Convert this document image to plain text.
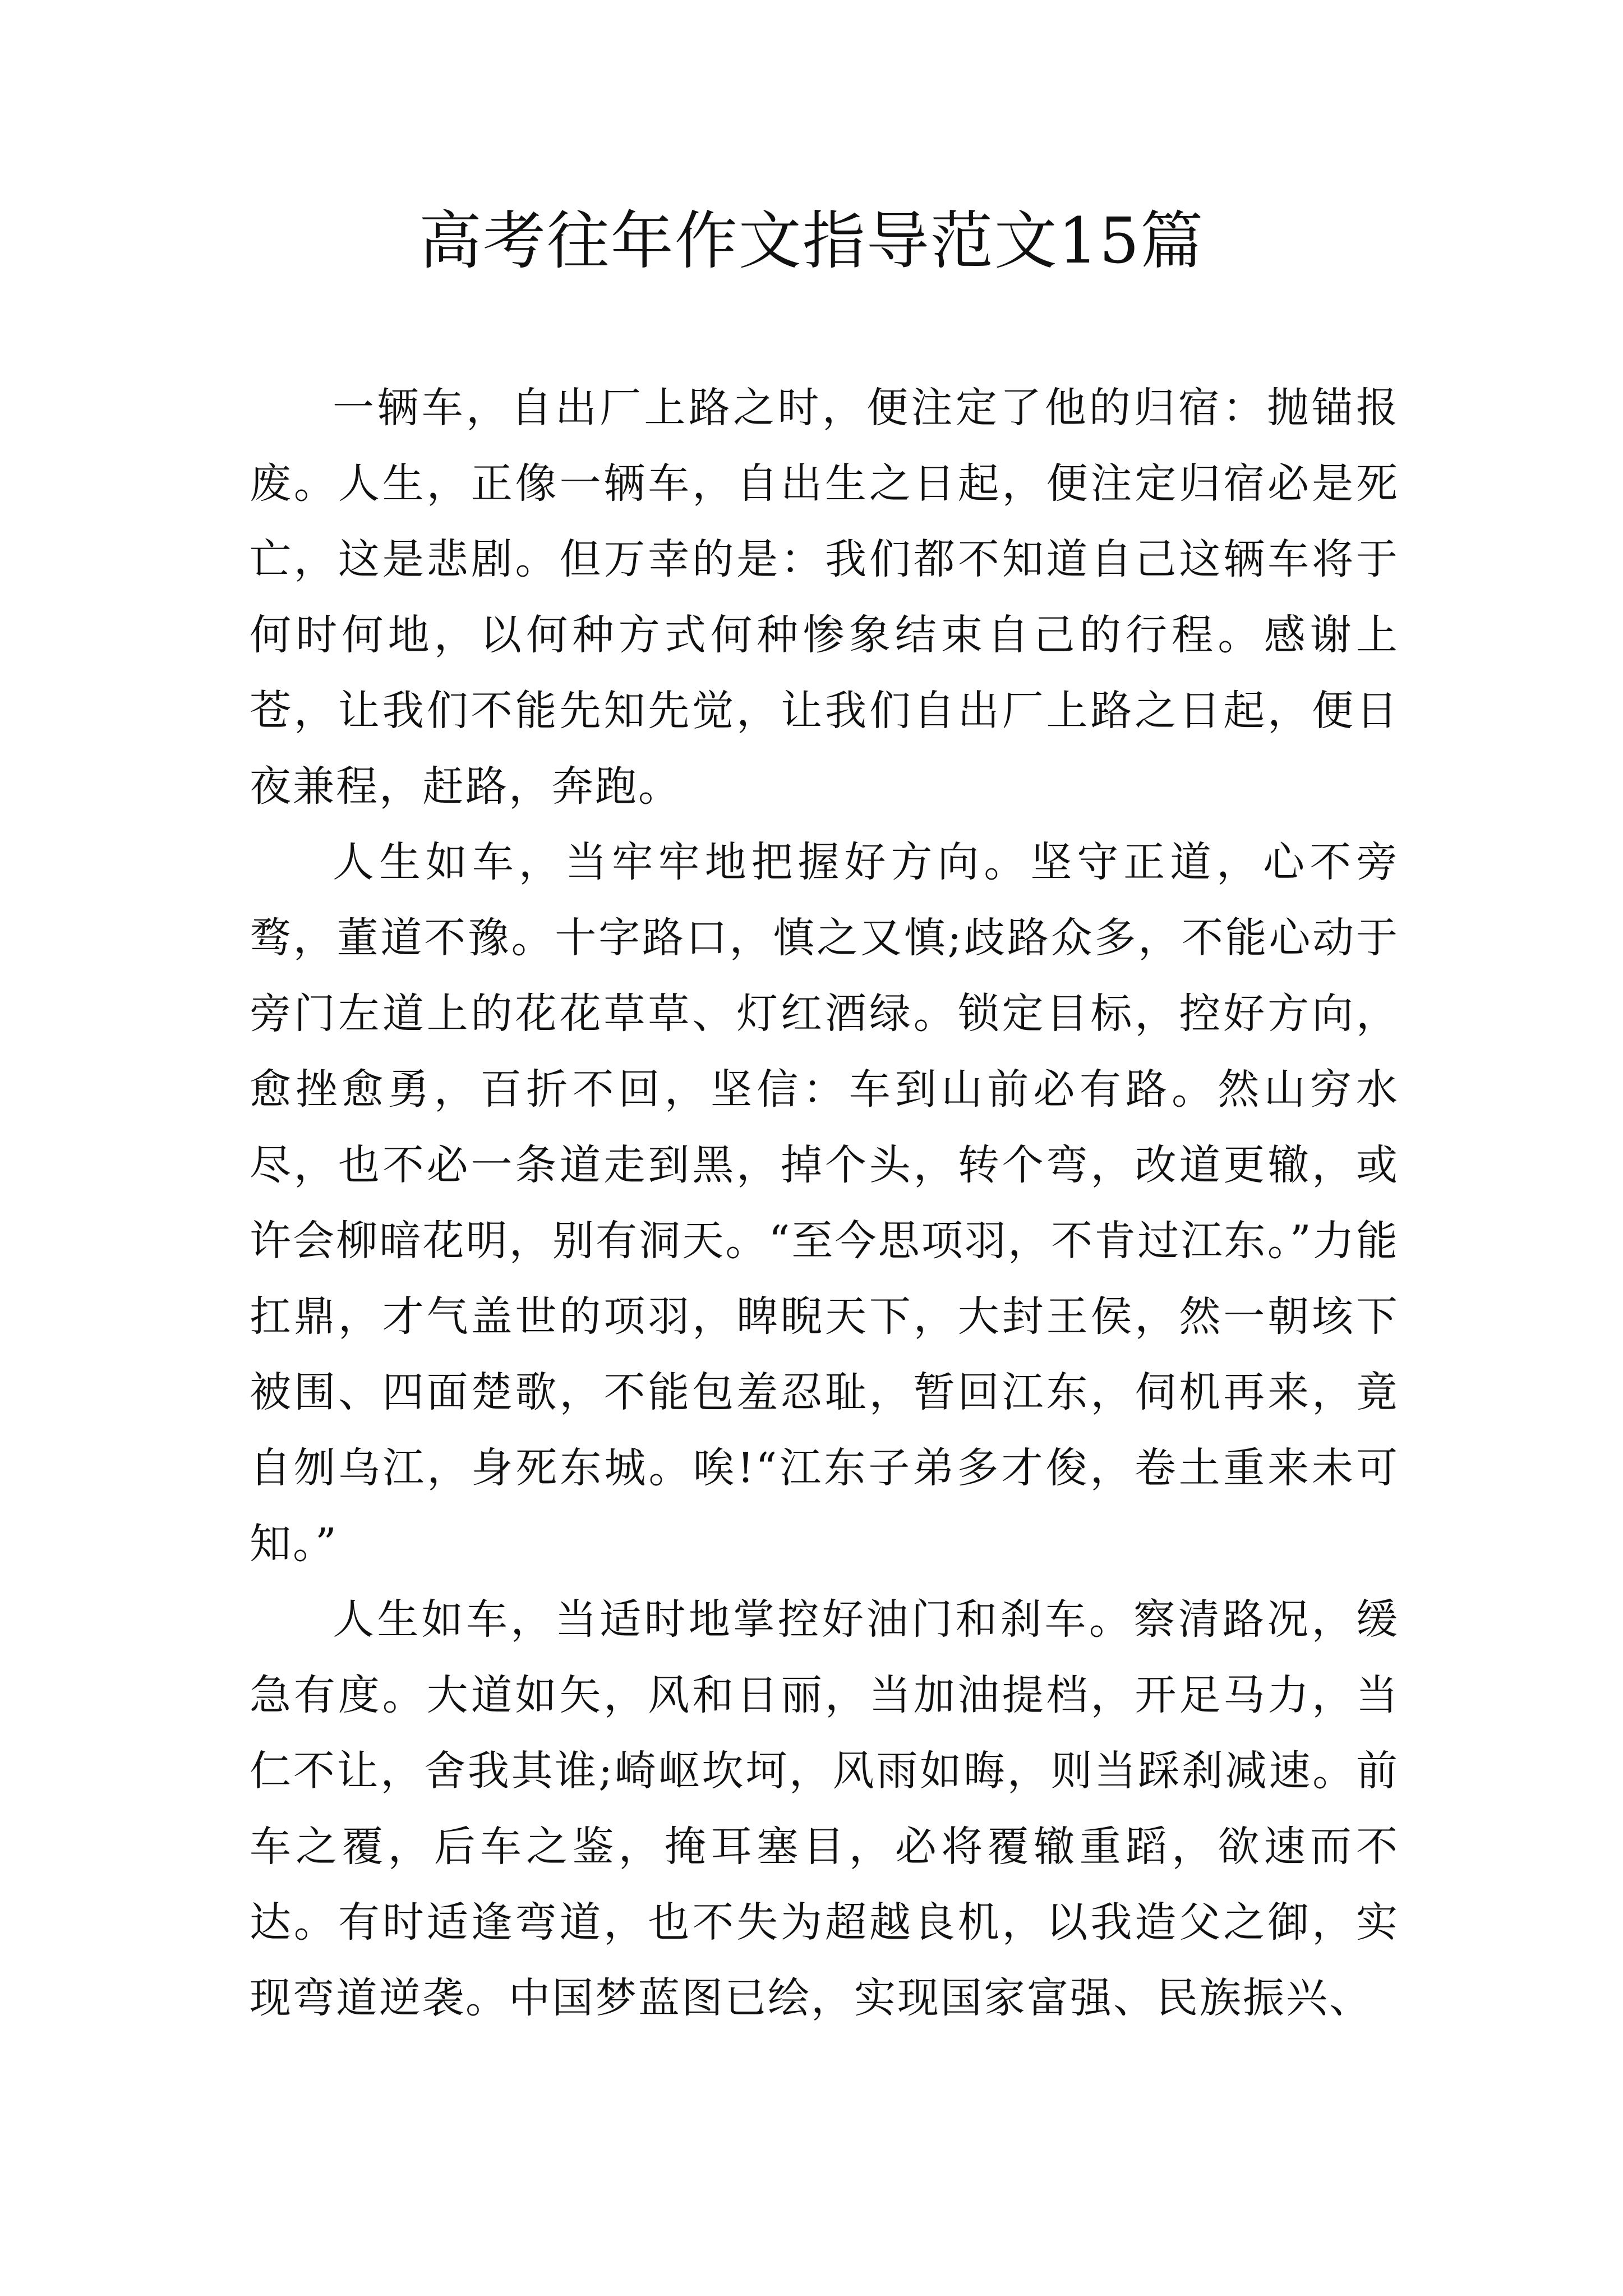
高考往年作文指导范文15篇

一辆车，自出厂上路之时，便注定了他的归宿：抛锚报废。人生，正像一辆车，自出生之日起，便注定归宿必是死亡，这是悲剧。但万幸的是：我们都不知道自己这辆车将于何时何地，以何种方式何种惨象结束自己的行程。感谢上苍，让我们不能先知先觉，让我们自出厂上路之日起，便日夜兼程，赶路，奔跑。

人生如车，当牢牢地把握好方向。坚守正道，心不旁骛，董道不豫。十字路口，慎之又慎;歧路众多，不能心动于旁门左道上的花花草草、灯红酒绿。锁定目标，控好方向，愈挫愈勇，百折不回，坚信：车到山前必有路。然山穷水尽，也不必一条道走到黑，掉个头，转个弯，改道更辙，或许会柳暗花明，别有洞天。“至今思项羽，不肯过江东。”力能扛鼎，才气盖世的项羽，睥睨天下，大封王侯，然一朝垓下被围、四面楚歌，不能包羞忍耻，暂回江东，伺机再来，竟自刎乌江，身死东城。唉!“江东子弟多才俊，卷土重来未可知。”

人生如车，当适时地掌控好油门和刹车。察清路况，缓急有度。大道如矢，风和日丽，当加油提档，开足马力，当仁不让，舍我其谁;崎岖坎坷，风雨如晦，则当踩刹减速。前车之覆，后车之鉴，掩耳塞目，必将覆辙重蹈，欲速而不达。有时适逢弯道，也不失为超越良机，以我造父之御，实现弯道逆袭。中国梦蓝图已绘，实现国家富强、民族振兴、
